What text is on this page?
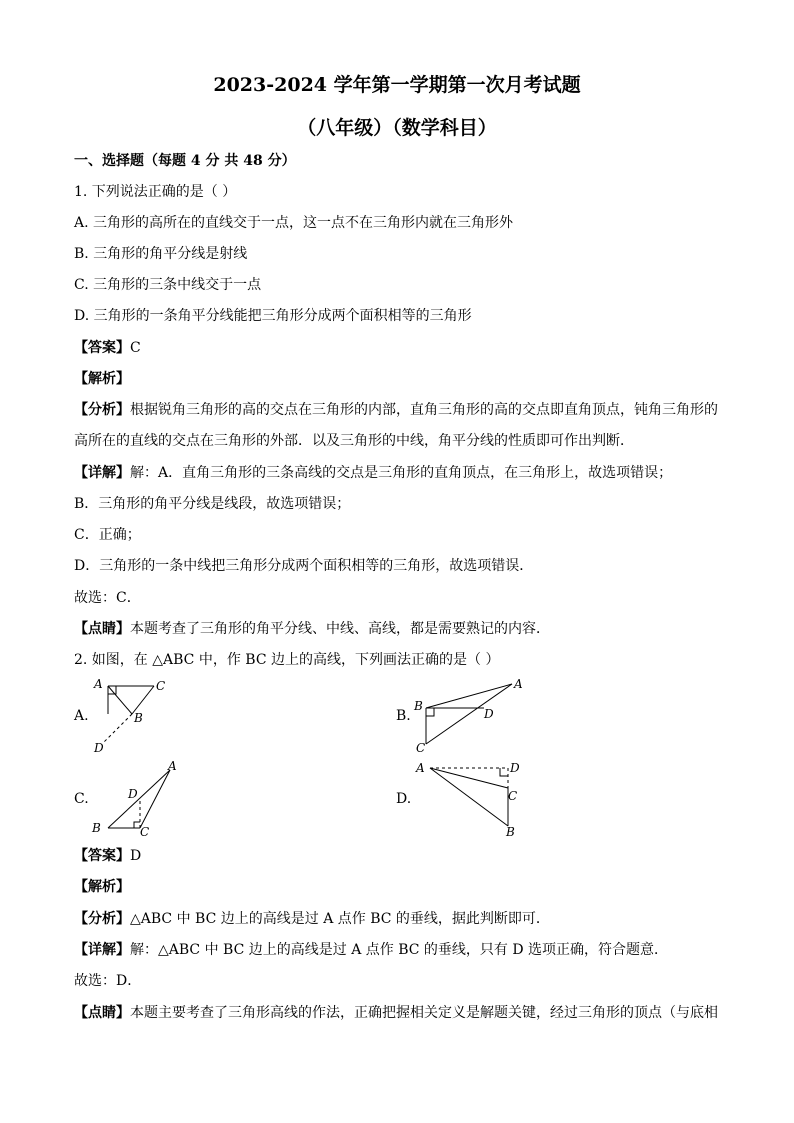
2023-2024 学年第一学期第一次月考试题
（八年级）（数学科目）
一、选择题（每题 4 分 共 48 分）
1. 下列说法正确的是（ ）
A. 三角形的高所在的直线交于一点，这一点不在三角形内就在三角形外
B. 三角形的角平分线是射线
C. 三角形的三条中线交于一点
D. 三角形的一条角平分线能把三角形分成两个面积相等的三角形
【答案】C
【解析】
【分析】根据锐角三角形的高的交点在三角形的内部，直角三角形的高的交点即直角顶点，钝角三角形的
高所在的直线的交点在三角形的外部．以及三角形的中线，角平分线的性质即可作出判断．
【详解】解：A．直角三角形的三条高线的交点是三角形的直角顶点，在三角形上，故选项错误；
B．三角形的角平分线是线段，故选项错误；
C．正确；
D．三角形的一条中线把三角形分成两个面积相等的三角形，故选项错误．
故选：C．
【点睛】本题考查了三角形的角平分线、中线、高线，都是需要熟记的内容．
2. 如图，在 △ABC 中，作 BC 边上的高线，下列画法正确的是（ ）
A.	B.
C.	D.
A	C
B
D
A
B
D
C
A
D
B	C
A	D
C
B
【答案】D
【解析】
【分析】△ABC 中 BC 边上的高线是过 A 点作 BC 的垂线，据此判断即可．
【详解】解：△ABC 中 BC 边上的高线是过 A 点作 BC 的垂线，只有 D 选项正确，符合题意．
故选：D．
【点睛】本题主要考查了三角形高线的作法，正确把握相关定义是解题关键，经过三角形的顶点（与底相
